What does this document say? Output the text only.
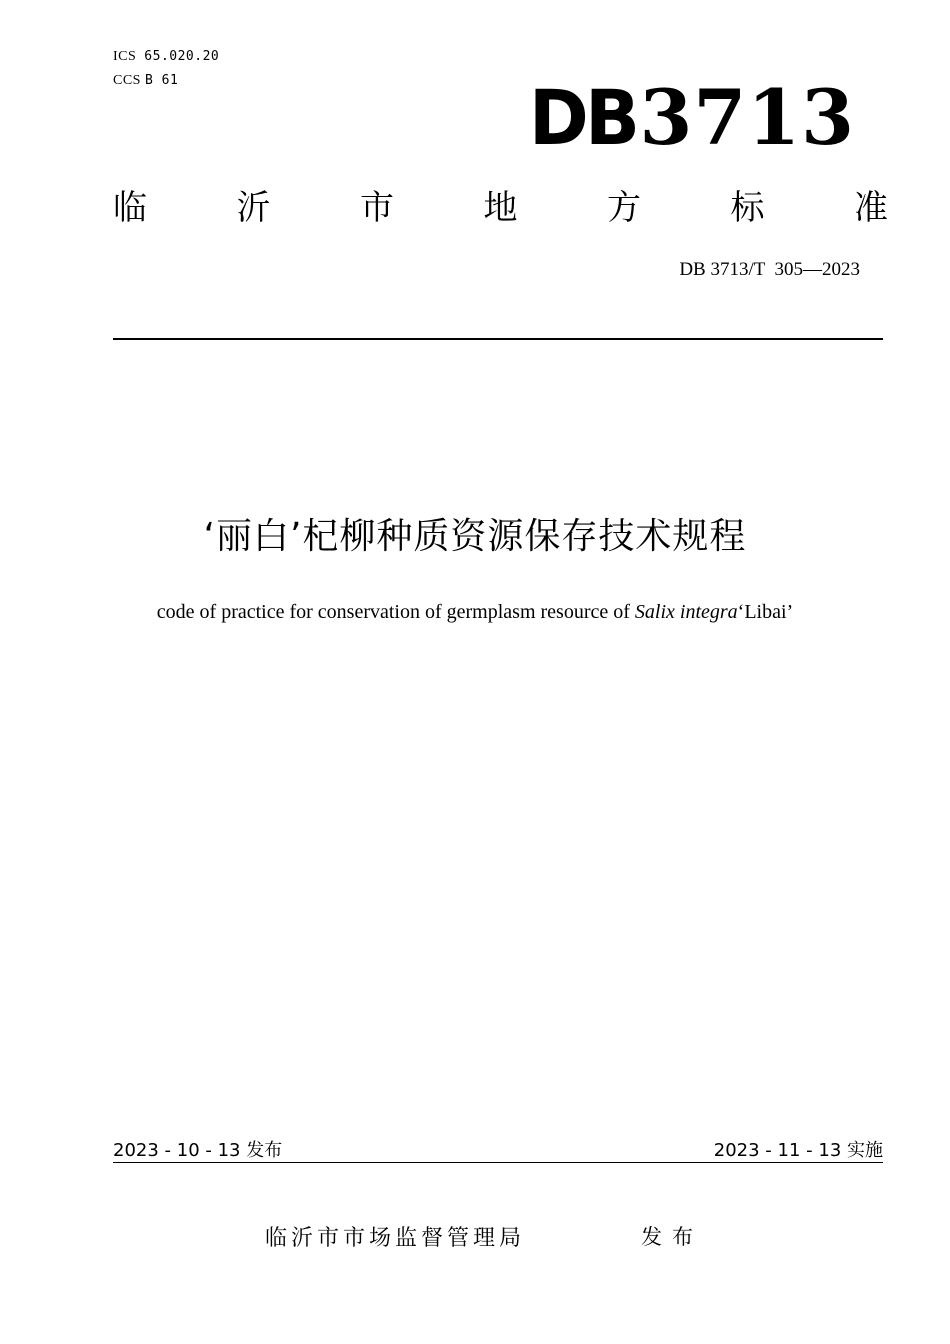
ICS 65.020.20
CCS B 61	DB3713
临	沂	市	地	方	标	准
DB 3713/T  305—2023
‘丽白’杞柳种质资源保存技术规程
code of practice for conservation of germplasm resource of Salix integra‘Libai’
2023 - 10 - 13 发布	2023 - 11 - 13 实施
临沂市市场监督管理局	发布
